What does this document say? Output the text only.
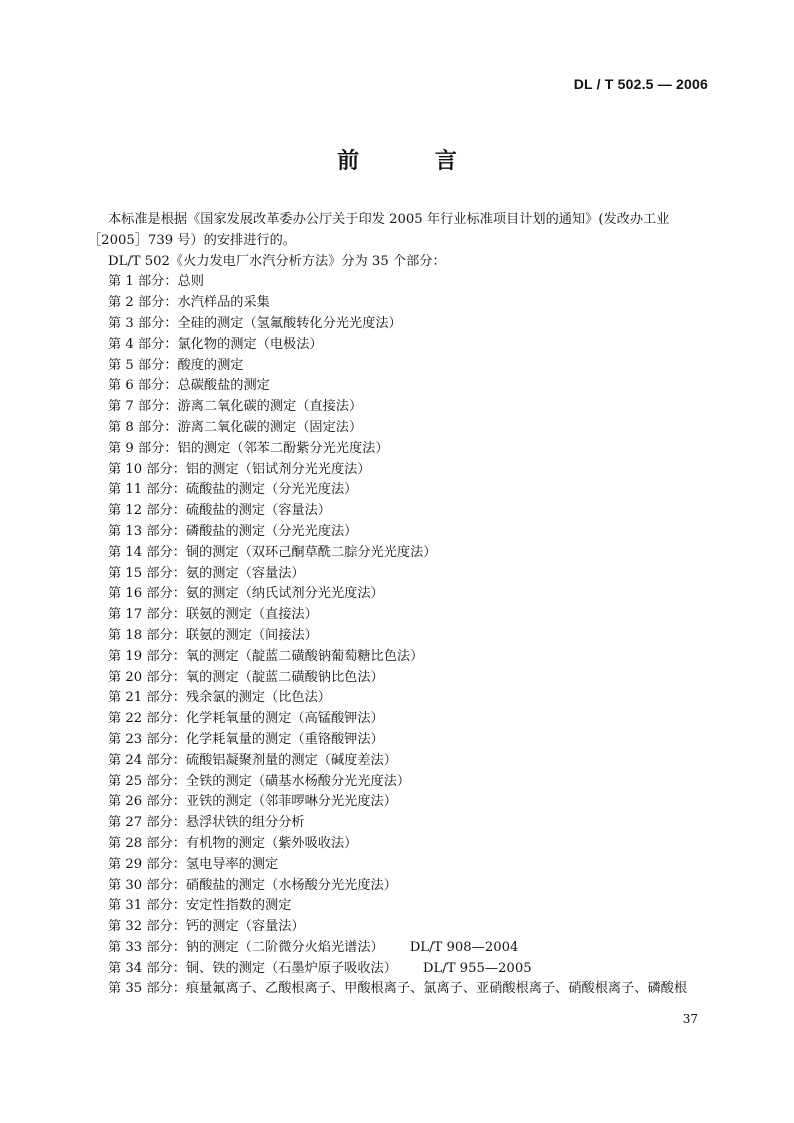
DL / T 502.5 — 2006
前 言

本标准是根据《国家发展改革委办公厅关于印发 2005 年行业标准项目计划的通知》(发改办工业

［2005］739 号）的安排进行的。

DL/T 502《火力发电厂水汽分析方法》分为 35 个部分：

第 1 部分：总则
第 2 部分：水汽样品的采集
第 3 部分：全硅的测定（氢氟酸转化分光光度法）
第 4 部分：氯化物的测定（电极法）
第 5 部分：酸度的测定
第 6 部分：总碳酸盐的测定
第 7 部分：游离二氧化碳的测定（直接法）
第 8 部分：游离二氧化碳的测定（固定法）
第 9 部分：铝的测定（邻苯二酚紫分光光度法）
第 10 部分：铝的测定（铝试剂分光光度法）
第 11 部分：硫酸盐的测定（分光光度法）
第 12 部分：硫酸盐的测定（容量法）
第 13 部分：磷酸盐的测定（分光光度法）
第 14 部分：铜的测定（双环己酮草酰二腙分光光度法）
第 15 部分：氨的测定（容量法）
第 16 部分：氨的测定（纳氏试剂分光光度法）
第 17 部分：联氨的测定（直接法）
第 18 部分：联氨的测定（间接法）
第 19 部分：氧的测定（靛蓝二磺酸钠葡萄糖比色法）
第 20 部分：氧的测定（靛蓝二磺酸钠比色法）
第 21 部分：残余氯的测定（比色法）
第 22 部分：化学耗氧量的测定（高锰酸钾法）
第 23 部分：化学耗氧量的测定（重铬酸钾法）
第 24 部分：硫酸铝凝聚剂量的测定（碱度差法）
第 25 部分：全铁的测定（磺基水杨酸分光光度法）
第 26 部分：亚铁的测定（邻菲啰啉分光光度法）
第 27 部分：悬浮状铁的组分分析
第 28 部分：有机物的测定（紫外吸收法）
第 29 部分：氢电导率的测定
第 30 部分：硝酸盐的测定（水杨酸分光光度法）
第 31 部分：安定性指数的测定
第 32 部分：钙的测定（容量法）
第 33 部分：钠的测定（二阶微分火焰光谱法） DL/T 908—2004
第 34 部分：铜、铁的测定（石墨炉原子吸收法） DL/T 955—2005
第 35 部分：痕量氟离子、乙酸根离子、甲酸根离子、氯离子、亚硝酸根离子、硝酸根离子、磷酸根
37
